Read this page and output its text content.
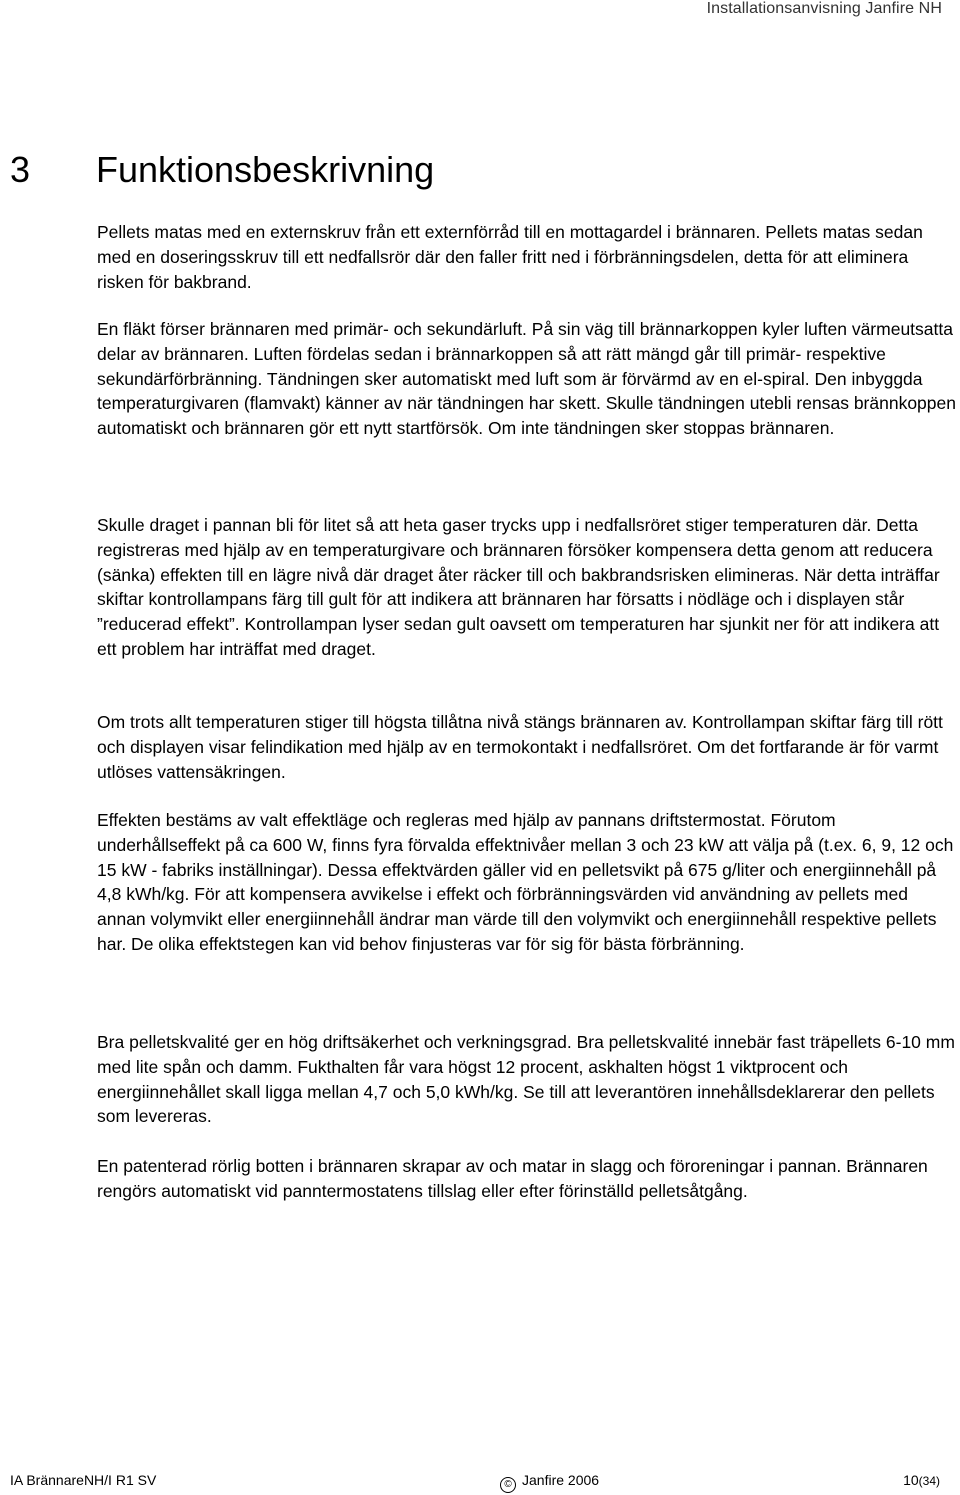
Installationsanvisning Janfire NH
3 Funktionsbeskrivning

Pellets matas med en externskruv från ett externförråd till en mottagardel i brännaren. Pellets matas sedan med en doseringsskruv till ett nedfallsrör där den faller fritt ned i förbränningsdelen, detta för att eliminera risken för bakbrand.

En fläkt förser brännaren med primär- och sekundärluft. På sin väg till brännarkoppen kyler luften värmeutsatta delar av brännaren. Luften fördelas sedan i brännarkoppen så att rätt mängd går till primär- respektive sekundärförbränning. Tändningen sker automatiskt med luft som är förvärmd av en el-spiral. Den inbyggda temperaturgivaren (flamvakt) känner av när tändningen har skett. Skulle tändningen utebli rensas brännkoppen automatiskt och brännaren gör ett nytt startförsök. Om inte tändningen sker stoppas brännaren.

Skulle draget i pannan bli för litet så att heta gaser trycks upp i nedfallsröret stiger temperaturen där. Detta registreras med hjälp av en temperaturgivare och brännaren försöker kompensera detta genom att reducera (sänka) effekten till en lägre nivå där draget åter räcker till och bakbrandsrisken elimineras. När detta inträffar skiftar kontrollampans färg till gult för att indikera att brännaren har försatts i nödläge och i displayen står ”reducerad effekt”. Kontrollampan lyser sedan gult oavsett om temperaturen har sjunkit ner för att indikera att ett problem har inträffat med draget.

Om trots allt temperaturen stiger till högsta tillåtna nivå stängs brännaren av. Kontrollampan skiftar färg till rött och displayen visar felindikation med hjälp av en termokontakt i nedfallsröret. Om det fortfarande är för varmt utlöses vattensäkringen.

Effekten bestäms av valt effektläge och regleras med hjälp av pannans driftstermostat. Förutom underhållseffekt på ca 600 W, finns fyra förvalda effektnivåer mellan 3 och 23 kW att välja på (t.ex. 6, 9, 12 och 15 kW - fabriks inställningar). Dessa effektvärden gäller vid en pelletsvikt på 675 g/liter och energiinnehåll på 4,8 kWh/kg. För att kompensera avvikelse i effekt och förbränningsvärden vid användning av pellets med annan volymvikt eller energiinnehåll ändrar man värde till den volymvikt och energiinnehåll respektive pellets har. De olika effektstegen kan vid behov finjusteras var för sig för bästa förbränning.

Bra pelletskvalité ger en hög driftsäkerhet och verkningsgrad. Bra pelletskvalité innebär fast träpellets 6-10 mm med lite spån och damm. Fukthalten får vara högst 12 procent, askhalten högst 1 viktprocent och energiinnehållet skall ligga mellan 4,7 och 5,0 kWh/kg. Se till att leverantören innehållsdeklarerar den pellets som levereras.

En patenterad rörlig botten i brännaren skrapar av och matar in slagg och föroreningar i pannan. Brännaren rengörs automatiskt vid panntermostatens tillslag eller efter förinställd pelletsåtgång.

IA BrännareNH/I R1 SV	© Janfire 2006	10(34)
